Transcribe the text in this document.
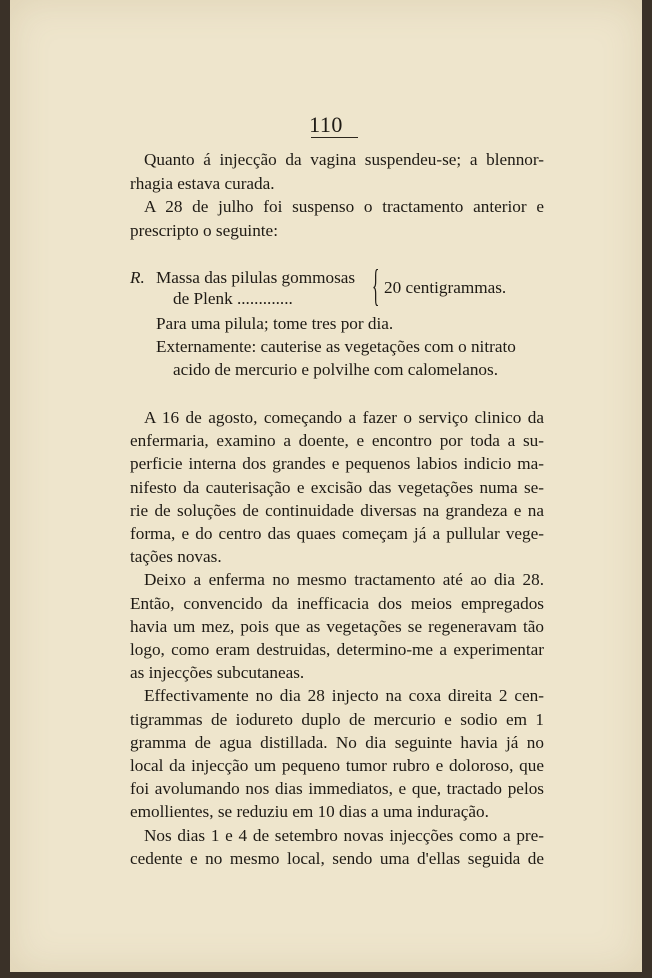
110
Quanto á injecção da vagina suspendeu-se; a blennor-
rhagia estava curada.
A 28 de julho foi suspenso o tractamento anterior e
prescripto o seguinte:
R. Massa das pilulas gommosas
de Plenk ............. { 20 centigrammas.
Para uma pilula; tome tres por dia.
Externamente: cauterise as vegetações com o nitrato
acido de mercurio e polvilhe com calomelanos.
A 16 de agosto, começando a fazer o serviço clinico da
enfermaria, examino a doente, e encontro por toda a su-
perficie interna dos grandes e pequenos labios indicio ma-
nifesto da cauterisação e excisão das vegetações numa se-
rie de soluções de continuidade diversas na grandeza e na
forma, e do centro das quaes começam já a pullular vege-
tações novas.
Deixo a enferma no mesmo tractamento até ao dia 28.
Então, convencido da inefficacia dos meios empregados
havia um mez, pois que as vegetações se regeneravam tão
logo, como eram destruidas, determino-me a experimentar
as injecções subcutaneas.
Effectivamente no dia 28 injecto na coxa direita 2 cen-
tigrammas de iodureto duplo de mercurio e sodio em 1
gramma de agua distillada. No dia seguinte havia já no
local da injecção um pequeno tumor rubro e doloroso, que
foi avolumando nos dias immediatos, e que, tractado pelos
emollientes, se reduziu em 10 dias a uma induração.
Nos dias 1 e 4 de setembro novas injecções como a pre-
cedente e no mesmo local, sendo uma d'ellas seguida de
